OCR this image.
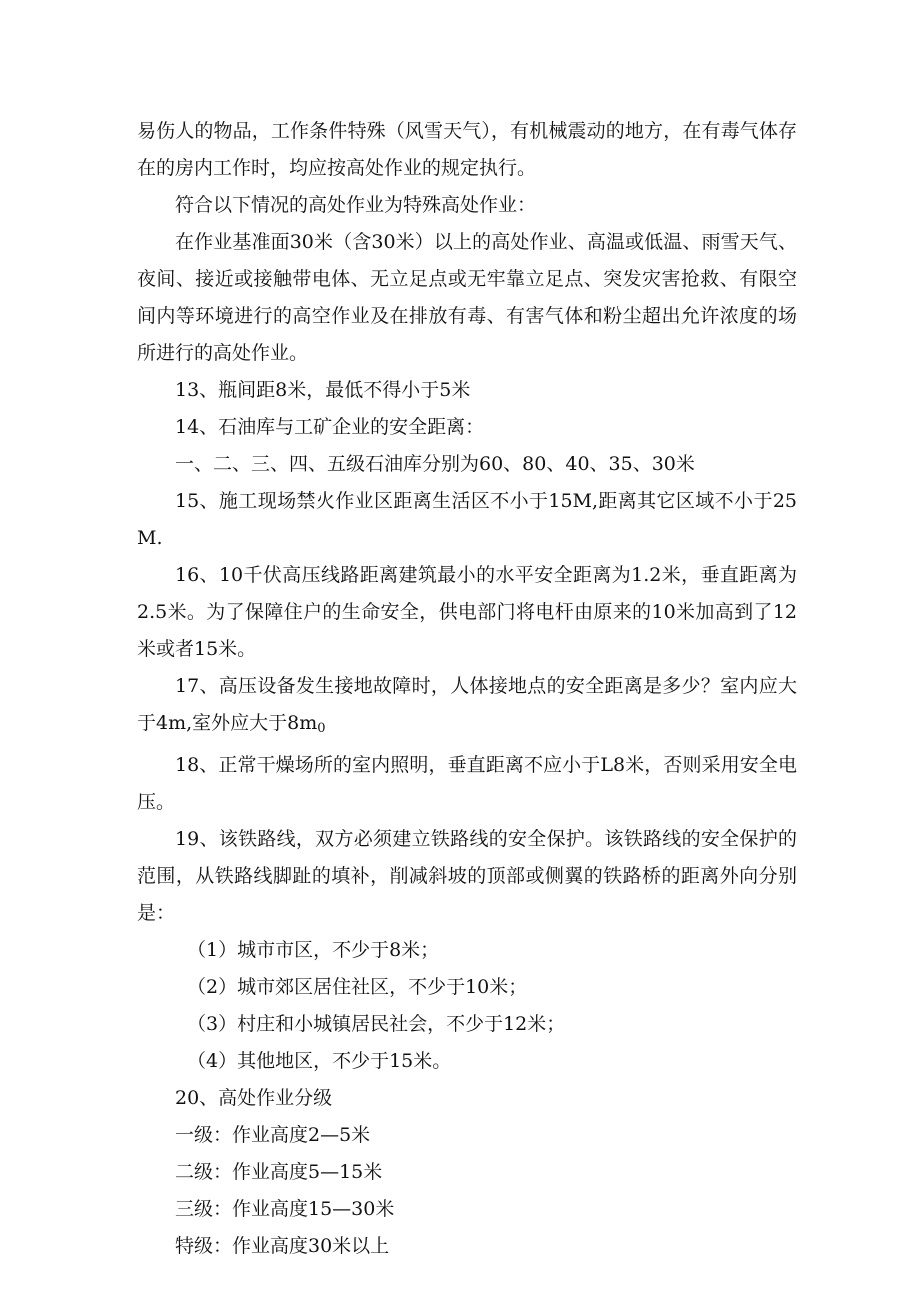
易伤人的物品，工作条件特殊（风雪天气），有机械震动的地方，在有毒气体存在的房内工作时，均应按高处作业的规定执行。

符合以下情况的高处作业为特殊高处作业：

在作业基准面30米（含30米）以上的高处作业、高温或低温、雨雪天气、夜间、接近或接触带电体、无立足点或无牢靠立足点、突发灾害抢救、有限空间内等环境进行的高空作业及在排放有毒、有害气体和粉尘超出允许浓度的场所进行的高处作业。

13、瓶间距8米，最低不得小于5米

14、石油库与工矿企业的安全距离：

一、二、三、四、五级石油库分别为60、80、40、35、30米

15、施工现场禁火作业区距离生活区不小于15M,距离其它区域不小于25M.

16、10千伏高压线路距离建筑最小的水平安全距离为1.2米，垂直距离为2.5米。为了保障住户的生命安全，供电部门将电杆由原来的10米加高到了12米或者15米。

17、高压设备发生接地故障时，人体接地点的安全距离是多少？室内应大于4m,室外应大于$8m_0$

18、正常干燥场所的室内照明，垂直距离不应小于L8米，否则采用安全电压。

19、该铁路线，双方必须建立铁路线的安全保护。该铁路线的安全保护的范围，从铁路线脚趾的填补，削减斜坡的顶部或侧翼的铁路桥的距离外向分别是：

（1）城市市区，不少于8米；

（2）城市郊区居住社区，不少于10米；

（3）村庄和小城镇居民社会，不少于12米；

（4）其他地区，不少于15米。

20、高处作业分级

一级：作业高度2—5米

二级：作业高度5—15米

三级：作业高度15—30米

特级：作业高度30米以上
